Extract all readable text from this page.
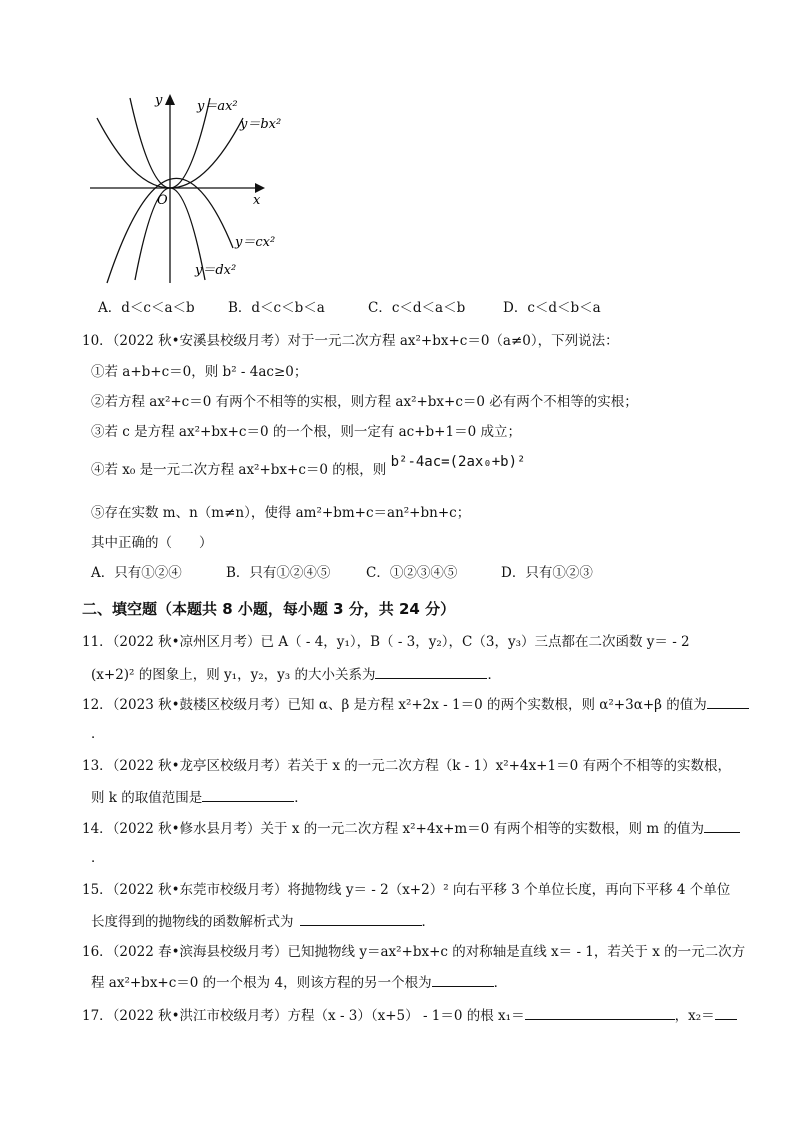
y
x
O
y＝ax²
y＝bx²
y＝cx²
y＝dx²
A．d＜c＜a＜b B．d＜c＜b＜a	C．c＜d＜a＜b	D．c＜d＜b＜a
10．（2022 秋•安溪县校级月考）对于一元二次方程 ax²+bx+c＝0（a≠0），下列说法：
①若 a+b+c＝0，则 b² - 4ac≥0；
②若方程 ax²+c＝0 有两个不相等的实根，则方程 ax²+bx+c＝0 必有两个不相等的实根；
③若 c 是方程 ax²+bx+c＝0 的一个根，则一定有 ac+b+1＝0 成立；
④若 x₀ 是一元二次方程 ax²+bx+c＝0 的根，则 b²-4ac=(2ax₀+b)²
⑤存在实数 m、n（m≠n），使得 am²+bm+c＝an²+bn+c；
其中正确的（　　）
A．只有①②④	B．只有①②④⑤	C．①②③④⑤	D．只有①②③
二、填空题（本题共 8 小题，每小题 3 分，共 24 分）
11．（2022 秋•凉州区月考）已 A（ - 4，y₁），B（ - 3，y₂），C（3，y₃）三点都在二次函数 y＝ - 2
(x+2)² 的图象上，则 y₁，y₂，y₃ 的大小关系为	．
12．（2023 秋•鼓楼区校级月考）已知 α、β 是方程 x²+2x - 1＝0 的两个实数根，则 α²+3α+β 的值为
．
13．（2022 秋•龙亭区校级月考）若关于 x 的一元二次方程（k - 1）x²+4x+1＝0 有两个不相等的实数根，
则 k 的取值范围是	．
14．（2022 秋•修水县月考）关于 x 的一元二次方程 x²+4x+m＝0 有两个相等的实数根，则 m 的值为
．
15．（2022 秋•东莞市校级月考）将抛物线 y＝ - 2（x+2）² 向右平移 3 个单位长度，再向下平移 4 个单位
长度得到的抛物线的函数解析式为	．
16．（2022 春•滨海县校级月考）已知抛物线 y＝ax²+bx+c 的对称轴是直线 x＝ - 1，若关于 x 的一元二次方
程 ax²+bx+c＝0 的一个根为 4，则该方程的另一个根为	．
17．（2022 秋•洪江市校级月考）方程（x - 3）（x+5） - 1＝0 的根 x₁＝	，x₂＝
